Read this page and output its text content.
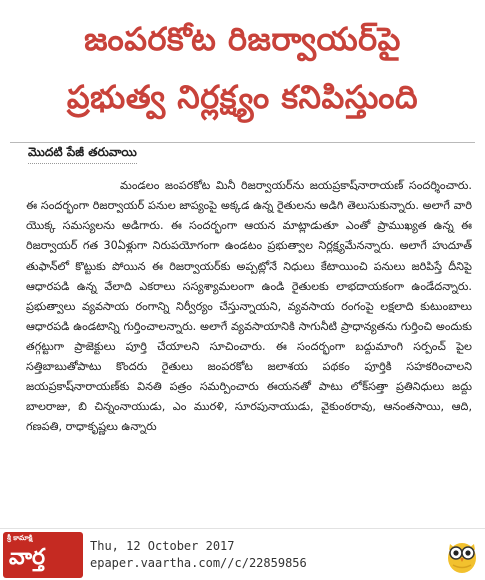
జంపరకోట రిజర్వాయర్‌పై
ప్రభుత్వ నిర్లక్ష్యం కనిపిస్తుంది
మొదటి పేజీ తరువాయి

మండలం జంపరకోట మినీ రిజర్వాయర్‌ను జయప్రకాష్‌నారాయణ్‌ సందర్శించారు. ఈ సందర్భంగా రిజర్వాయర్‌ పనుల జాప్యంపై అక్కడ ఉన్న రైతులను అడిగి తెలుసుకున్నారు. అలాగే వారి యొక్క సమస్యలను అడిగారు. ఈ సందర్భంగా ఆయన మాట్లాడుతూ ఎంతో ప్రాముఖ్యత ఉన్న ఈ రిజర్వాయర్‌ గత 30ఏళ్లుగా నిరుపయోగంగా ఉండటం ప్రభుత్వాల నిర్లక్ష్యమేనన్నారు. అలాగే హుదూత్‌ తుఫాన్‌లో కొట్టుకు పోయిన ఈ రిజర్వాయర్‌కు అప్పట్లోనే నిధులు కేటాయించి పనులు జరిపిస్తే దీనిపై ఆధారపడి ఉన్న వేలాది ఎకరాలు సస్యశ్యామలంగా ఉండి రైతులకు లాభదాయకంగా ఉండేదన్నారు. ప్రభుత్వాలు వ్యవసాయ రంగాన్ని నిర్వీర్యం చేస్తున్నాయని, వ్యవసాయ రంగంపై లక్షలాది కుటుంబాలు ఆధారపడి ఉండటాన్ని గుర్తించాలన్నారు. అలాగే వ్యవసాయానికి సాగునీటి ప్రాధాన్యతను గుర్తించి అందుకు తగ్గట్టుగా ప్రాజెక్టులు పూర్తి చేయాలని సూచించారు. ఈ సందర్భంగా బద్దుమాంగి సర్పంచ్‌ పైల సత్తిబాబుతోపాటు కొందరు రైతులు జంపరకోట జలాశయ పథకం పూర్తికి సహకరించాలని జయప్రకాష్‌నారాయణ్‌కు వినతి పత్రం సమర్పించారు ఈయనతో పాటు లోక్‌సత్తా ప్రతినిధులు జద్దు బాలరాజు, బి చిన్నంనాయుడు, ఎం మురళి, సూరపునాయుడు, వైకుంఠరావు, ఆనంతసాయి, ఆది, గణపతి, రాధాకృష్ణలు ఉన్నారు

శ్రీ కామాక్షి
వార్త	Thu, 12 October 2017
epaper.vaartha.com//c/22859856
